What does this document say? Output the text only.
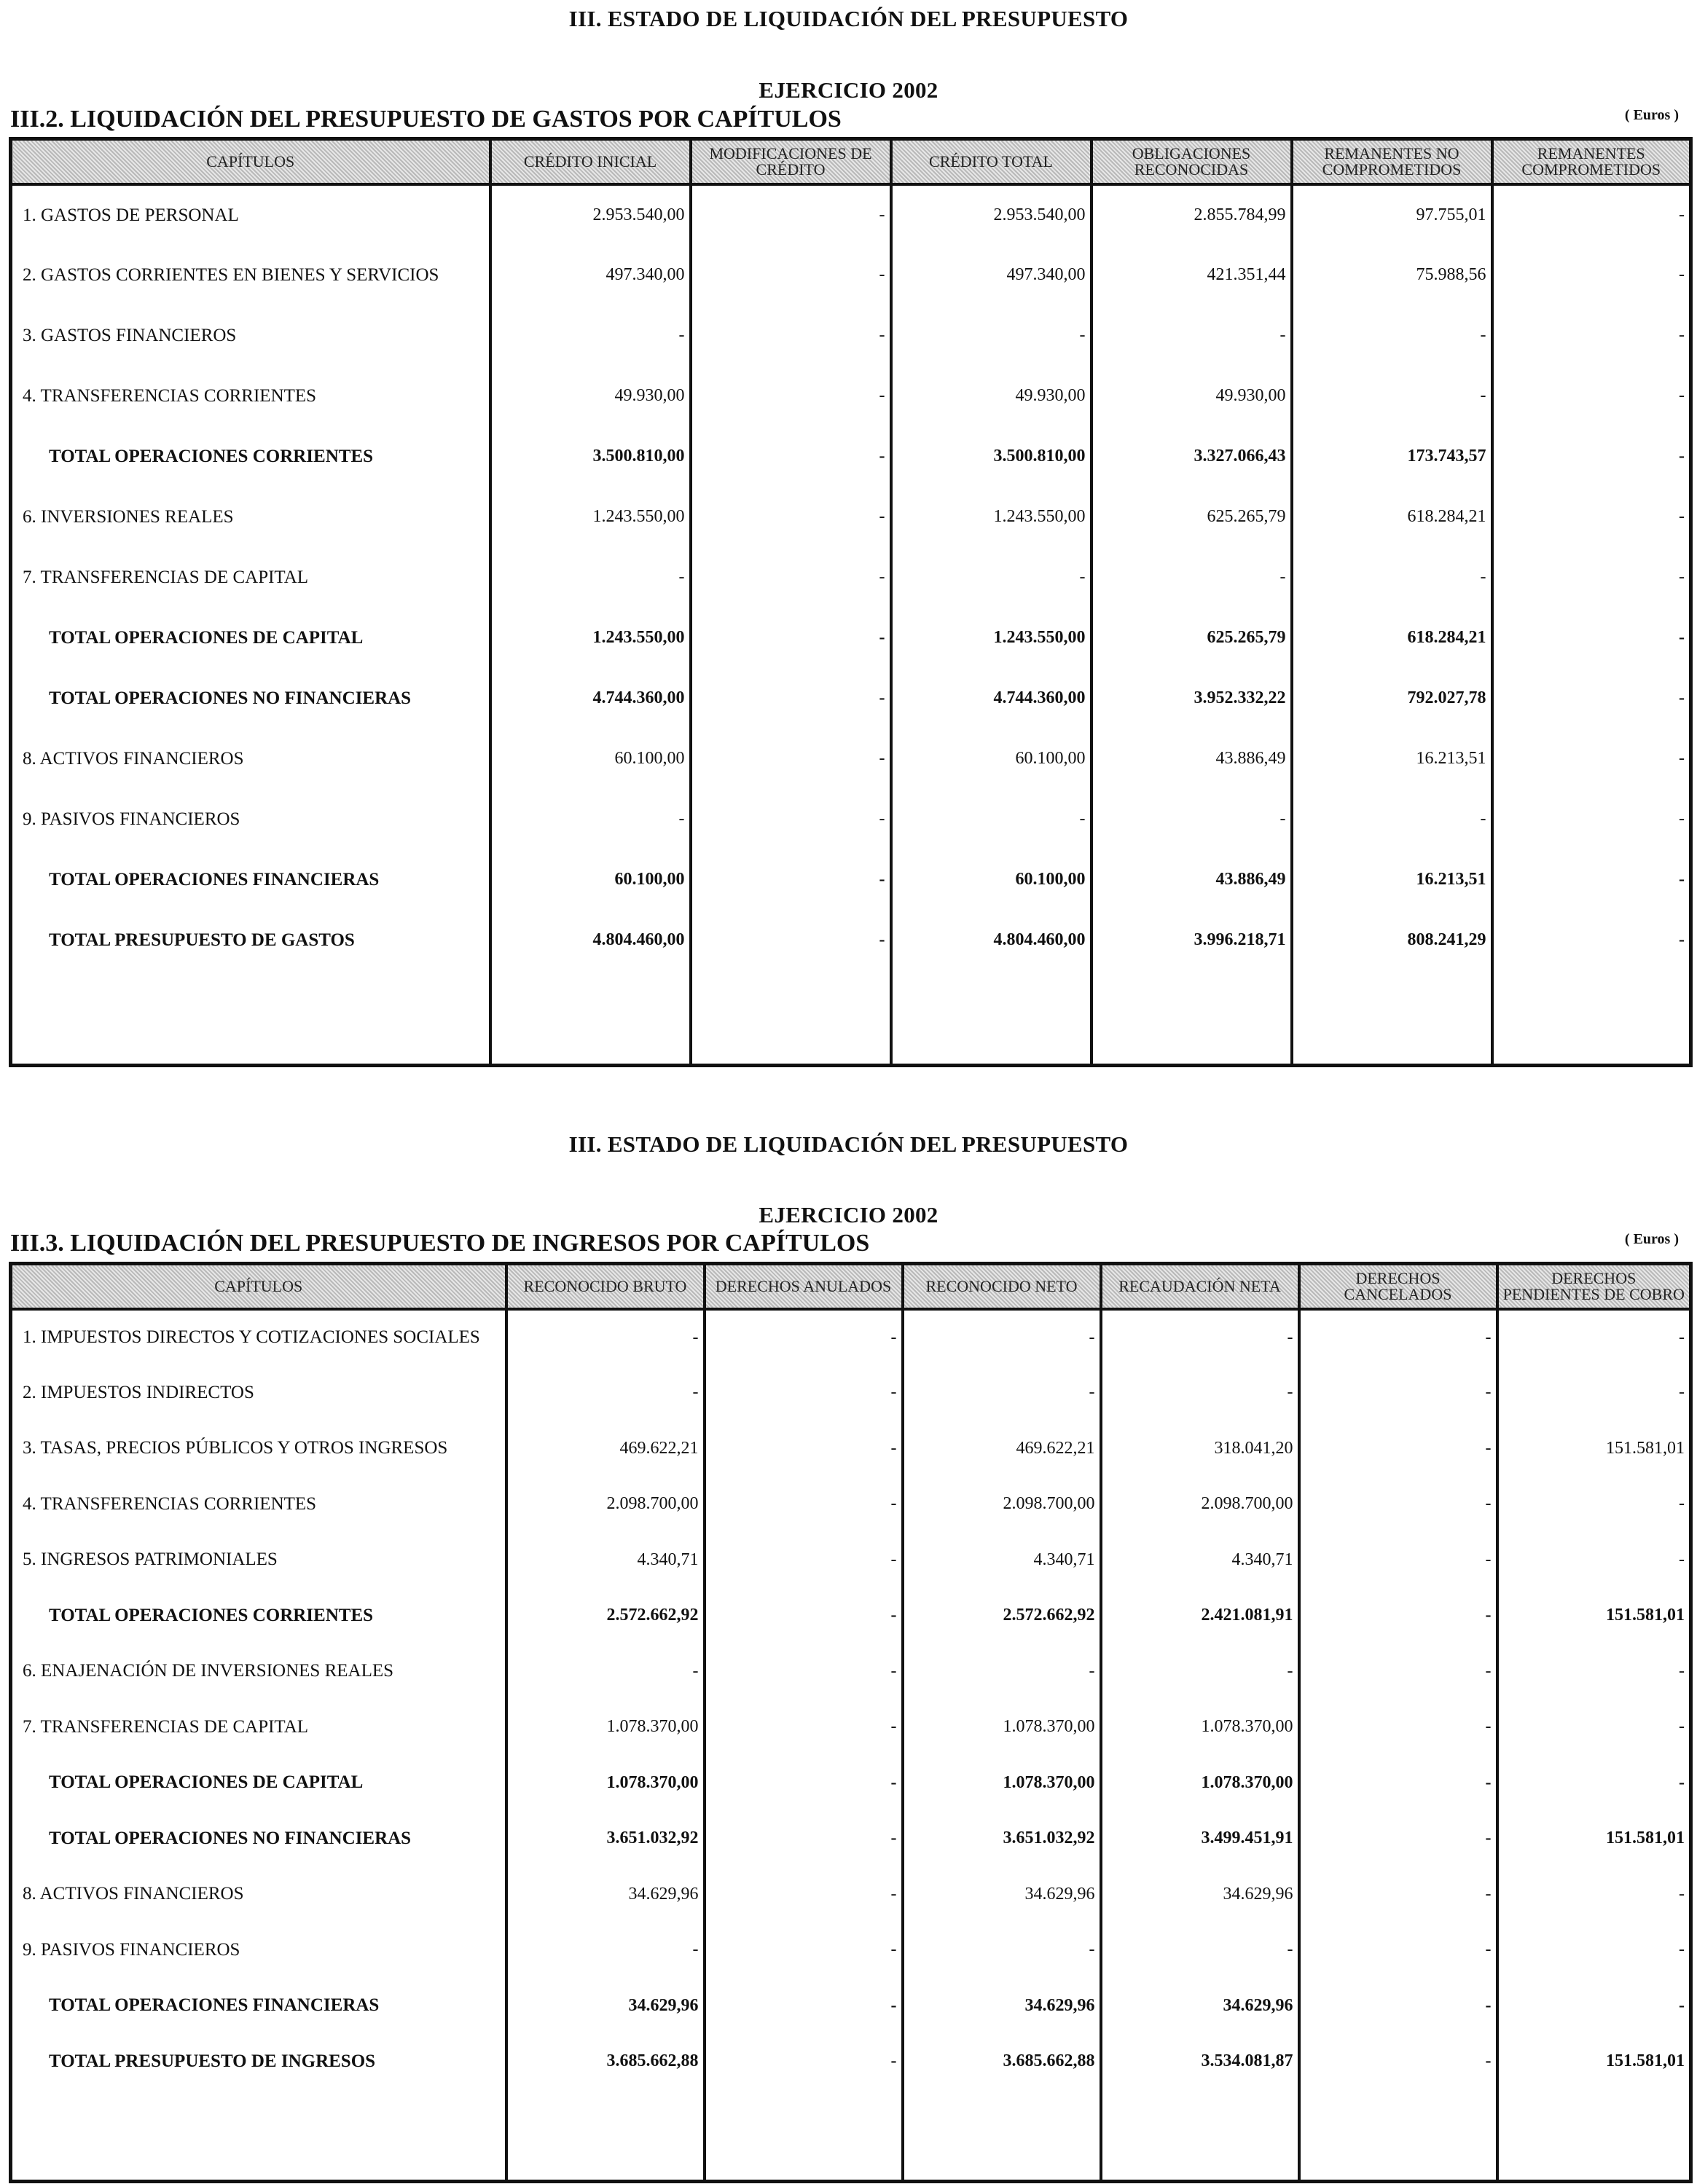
III. ESTADO DE LIQUIDACIÓN DEL PRESUPUESTO
EJERCICIO 2002
III.2. LIQUIDACIÓN DEL PRESUPUESTO DE GASTOS POR CAPÍTULOS	( Euros )
CAPÍTULOS	CRÉDITO INICIAL	MODIFICACIONES DE CRÉDITO	CRÉDITO TOTAL	OBLIGACIONES RECONOCIDAS	REMANENTES NO COMPROMETIDOS	REMANENTES COMPROMETIDOS
1. GASTOS DE PERSONAL	2.953.540,00	-	2.953.540,00	2.855.784,99	97.755,01	-
2. GASTOS CORRIENTES EN BIENES Y SERVICIOS	497.340,00	-	497.340,00	421.351,44	75.988,56	-
3. GASTOS FINANCIEROS	-	-	-	-	-	-
4. TRANSFERENCIAS CORRIENTES	49.930,00	-	49.930,00	49.930,00	-	-
TOTAL OPERACIONES CORRIENTES	3.500.810,00	-	3.500.810,00	3.327.066,43	173.743,57	-
6. INVERSIONES REALES	1.243.550,00	-	1.243.550,00	625.265,79	618.284,21	-
7. TRANSFERENCIAS DE CAPITAL	-	-	-	-	-	-
TOTAL OPERACIONES DE CAPITAL	1.243.550,00	-	1.243.550,00	625.265,79	618.284,21	-
TOTAL OPERACIONES NO FINANCIERAS	4.744.360,00	-	4.744.360,00	3.952.332,22	792.027,78	-
8. ACTIVOS FINANCIEROS	60.100,00	-	60.100,00	43.886,49	16.213,51	-
9. PASIVOS FINANCIEROS	-	-	-	-	-	-
TOTAL OPERACIONES FINANCIERAS	60.100,00	-	60.100,00	43.886,49	16.213,51	-
TOTAL PRESUPUESTO DE GASTOS	4.804.460,00	-	4.804.460,00	3.996.218,71	808.241,29	-

III. ESTADO DE LIQUIDACIÓN DEL PRESUPUESTO
EJERCICIO 2002
III.3. LIQUIDACIÓN DEL PRESUPUESTO DE INGRESOS POR CAPÍTULOS	( Euros )
CAPÍTULOS	RECONOCIDO BRUTO	DERECHOS ANULADOS	RECONOCIDO NETO	RECAUDACIÓN NETA	DERECHOS CANCELADOS	DERECHOS PENDIENTES DE COBRO
1. IMPUESTOS DIRECTOS Y COTIZACIONES SOCIALES	-	-	-	-	-	-
2. IMPUESTOS INDIRECTOS	-	-	-	-	-	-
3. TASAS, PRECIOS PÚBLICOS Y OTROS INGRESOS	469.622,21	-	469.622,21	318.041,20	-	151.581,01
4. TRANSFERENCIAS CORRIENTES	2.098.700,00	-	2.098.700,00	2.098.700,00	-	-
5. INGRESOS PATRIMONIALES	4.340,71	-	4.340,71	4.340,71	-	-
TOTAL OPERACIONES CORRIENTES	2.572.662,92	-	2.572.662,92	2.421.081,91	-	151.581,01
6. ENAJENACIÓN DE INVERSIONES REALES	-	-	-	-	-	-
7. TRANSFERENCIAS DE CAPITAL	1.078.370,00	-	1.078.370,00	1.078.370,00	-	-
TOTAL OPERACIONES DE CAPITAL	1.078.370,00	-	1.078.370,00	1.078.370,00	-	-
TOTAL OPERACIONES NO FINANCIERAS	3.651.032,92	-	3.651.032,92	3.499.451,91	-	151.581,01
8. ACTIVOS FINANCIEROS	34.629,96	-	34.629,96	34.629,96	-	-
9. PASIVOS FINANCIEROS	-	-	-	-	-	-
TOTAL OPERACIONES FINANCIERAS	34.629,96	-	34.629,96	34.629,96	-	-
TOTAL PRESUPUESTO DE INGRESOS	3.685.662,88	-	3.685.662,88	3.534.081,87	-	151.581,01
